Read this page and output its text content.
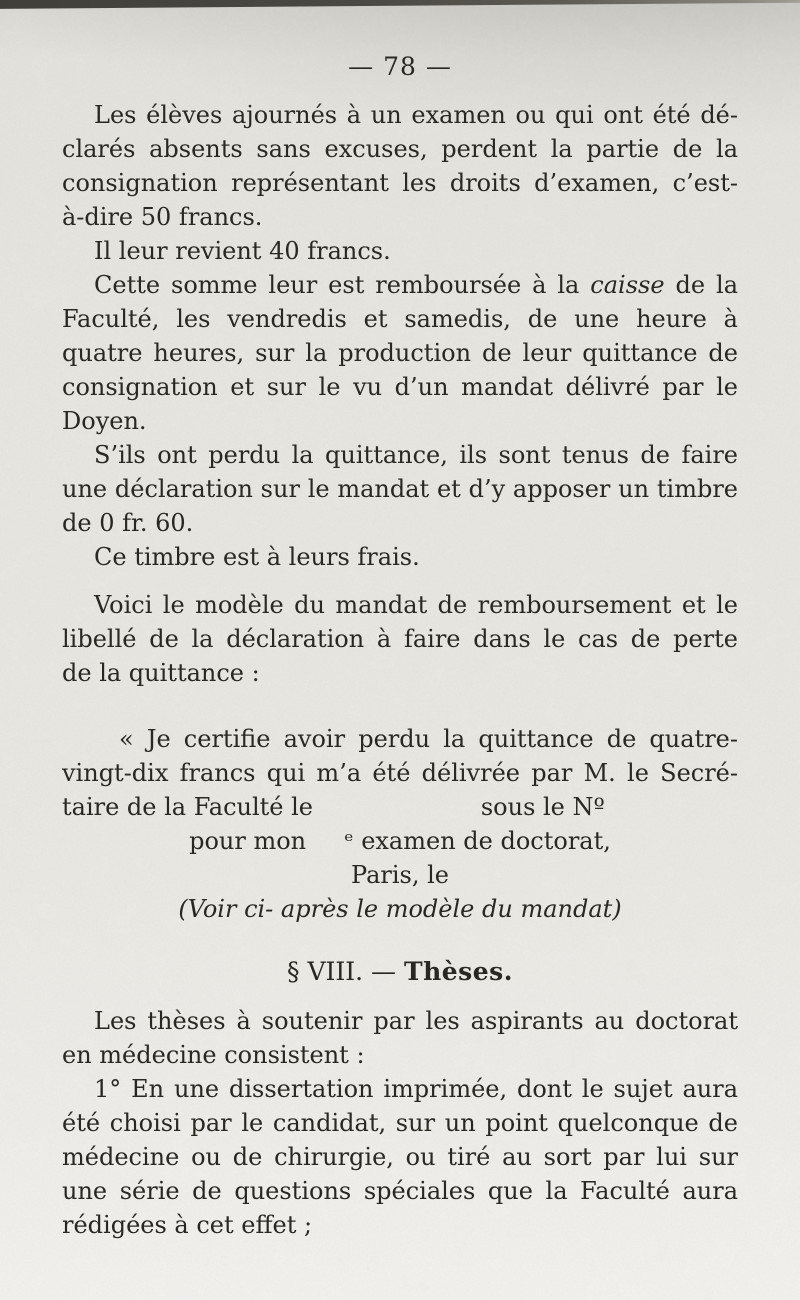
— 78 —

Les élèves ajournés à un examen ou qui ont été dé-
clarés absents sans excuses, perdent la partie de la
consignation représentant les droits d’examen, c’est-
à-dire 50 francs.

Il leur revient 40 francs.

Cette somme leur est remboursée à la caisse de la
Faculté, les vendredis et samedis, de une heure à
quatre heures, sur la production de leur quittance de
consignation et sur le vu d’un mandat délivré par le
Doyen.

S’ils ont perdu la quittance, ils sont tenus de faire
une déclaration sur le mandat et d’y apposer un timbre
de 0 fr. 60.

Ce timbre est à leurs frais.

Voici le modèle du mandat de remboursement et le
libellé de la déclaration à faire dans le cas de perte
de la quittance :

« Je certifie avoir perdu la quittance de quatre-
vingt-dix francs qui m’a été délivrée par M. le Secré-
taire de la Faculté le                      sous le Nº

pour mon     ᵉ examen de doctorat,
Paris, le
(Voir ci- après le modèle du mandat)
§ VIII. — Thèses.

Les thèses à soutenir par les aspirants au doctorat
en médecine consistent :

1° En une dissertation imprimée, dont le sujet aura
été choisi par le candidat, sur un point quelconque de
médecine ou de chirurgie, ou tiré au sort par lui sur
une série de questions spéciales que la Faculté aura
rédigées à cet effet ;
